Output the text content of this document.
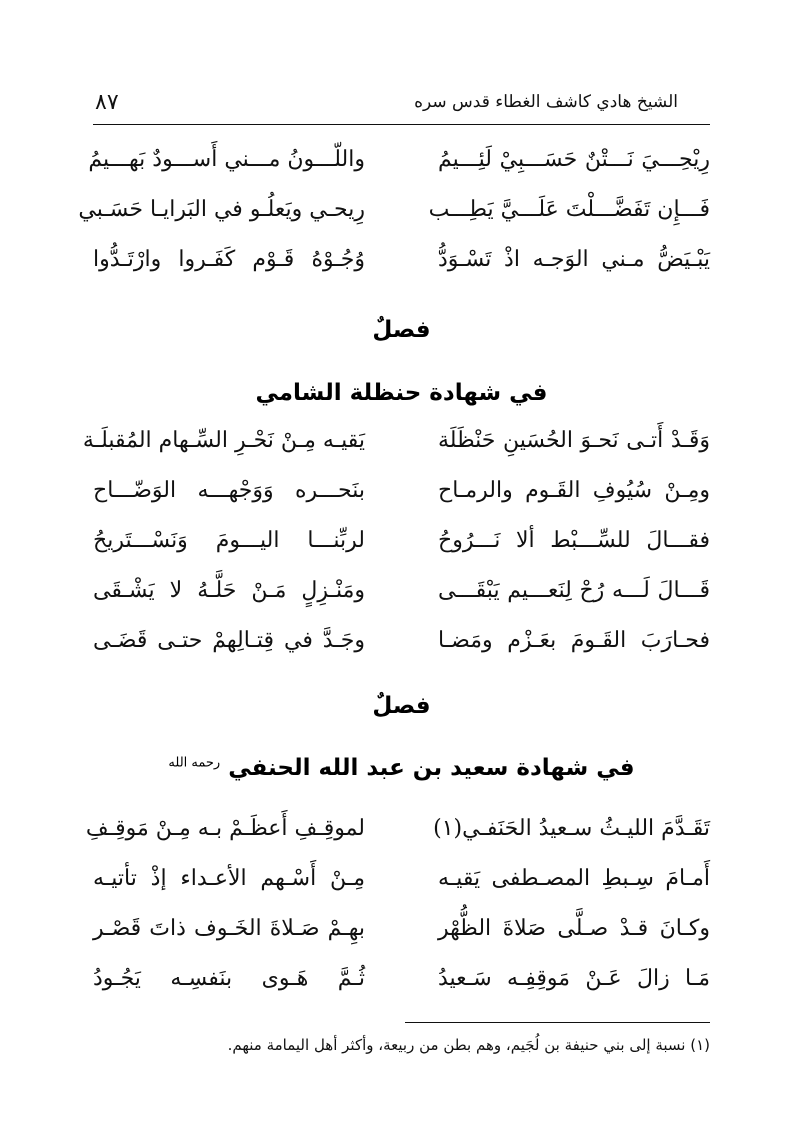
الشيخ هادي كاشف الغطاء قدس سره
٨٧
رِيْحِـــيَ نَـــتْنٌ حَسَـــبِيْ لَئِـــيمُ
واللّـــونُ مـــني أَســـودٌ بَهـــيمُ
فَـــإِن تَفَضَّـــلْتَ عَلَـــيَّ يَطِـــب
رِيحـي ويَعلُـو في البَرايـا حَسَـبي
يَبْـيَضُّ مـني الوَجـه اذْ تَسْـوَدُّ
وُجُـوْهُ قَـوْم كَفَـروا وارْتَـدُّوا
فصلٌ
في شهادة حنظلة الشامي
وَقَـدْ أَتـى نَحـوَ الحُسَينِ حَنْظَلَة
يَقيـه مِـنْ نَحْـرِ السِّـهام المُقبلَـة
ومِـنْ سُيُوفِ القَـوم والرمـاح
بنَحـــره وَوَجْهـــه الوَضّـــاح
فقـــالَ للسِّـــبْط ألا نَـــرُوحُ
لربِّنـــا اليـــومَ وَنَسْـــتَريحُ
قَـــالَ لَـــه رُحْ لِنَعـــيم يَبْقَـــى
ومَنْـزِلٍ مَـنْ حَلَّـهُ لا يَشْـقَى
فحـارَبَ القَـومَ بعَـزْم ومَضـا
وجَـدَّ في قِتـالِهمْ حتـى قَضَـى
فصلٌ
في شهادة سعيد بن عبد الله الحنفي $^{رحمه الله}$
تَقَـدَّمَ الليـثُ سـعيدُ الحَنَفـي(١)
لموقِـفِ أَعظَـمْ بـه مِـنْ مَوقِـفِ
أَمـامَ سِـبطِ المصـطفى يَقيـه
مِـنْ أَسْـهم الأعـداء إذْ تأتيـه
وكـانَ قـدْ صـلَّى صَلاةَ الظُّهْر
بهِـمْ صَـلاةَ الخَـوف ذاتَ قَصْـر
مَـا زالَ عَـنْ مَوقِفِـه سَـعيدُ
ثُـمَّ هَـوى بنَفسِـه يَجُـودُ
(١) نسبة إلى بني حنيفة بن لُجَيم، وهم بطن من ربيعة، وأكثر أهل اليمامة منهم.
